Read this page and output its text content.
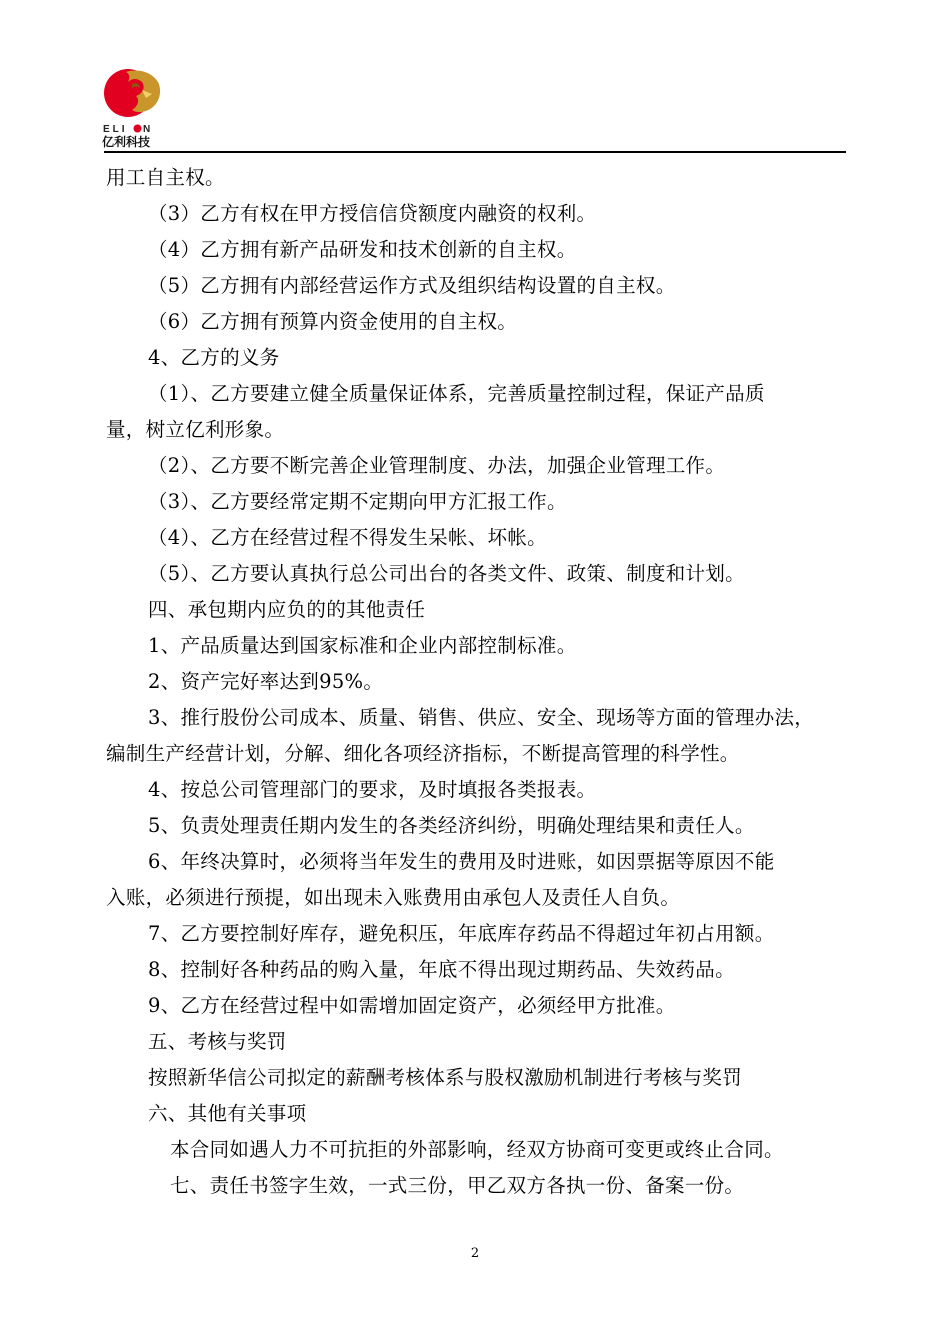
ELI N
亿利科技
用工自主权。
（3）乙方有权在甲方授信信贷额度内融资的权利。
（4）乙方拥有新产品研发和技术创新的自主权。
（5）乙方拥有内部经营运作方式及组织结构设置的自主权。
（6）乙方拥有预算内资金使用的自主权。
4、乙方的义务
（1）、乙方要建立健全质量保证体系，完善质量控制过程，保证产品质
量，树立亿利形象。
（2）、乙方要不断完善企业管理制度、办法，加强企业管理工作。
（3）、乙方要经常定期不定期向甲方汇报工作。
（4）、乙方在经营过程不得发生呆帐、坏帐。
（5）、乙方要认真执行总公司出台的各类文件、政策、制度和计划。
四、承包期内应负的的其他责任
1、产品质量达到国家标准和企业内部控制标准。
2、资产完好率达到95%。
3、推行股份公司成本、质量、销售、供应、安全、现场等方面的管理办法，
编制生产经营计划，分解、细化各项经济指标，不断提高管理的科学性。
4、按总公司管理部门的要求，及时填报各类报表。
5、负责处理责任期内发生的各类经济纠纷，明确处理结果和责任人。
6、年终决算时，必须将当年发生的费用及时进账，如因票据等原因不能
入账，必须进行预提，如出现未入账费用由承包人及责任人自负。
7、乙方要控制好库存，避免积压，年底库存药品不得超过年初占用额。
8、控制好各种药品的购入量，年底不得出现过期药品、失效药品。
9、乙方在经营过程中如需增加固定资产，必须经甲方批准。
五、考核与奖罚
按照新华信公司拟定的薪酬考核体系与股权激励机制进行考核与奖罚
六、其他有关事项
本合同如遇人力不可抗拒的外部影响，经双方协商可变更或终止合同。
七、责任书签字生效，一式三份，甲乙双方各执一份、备案一份。
2
